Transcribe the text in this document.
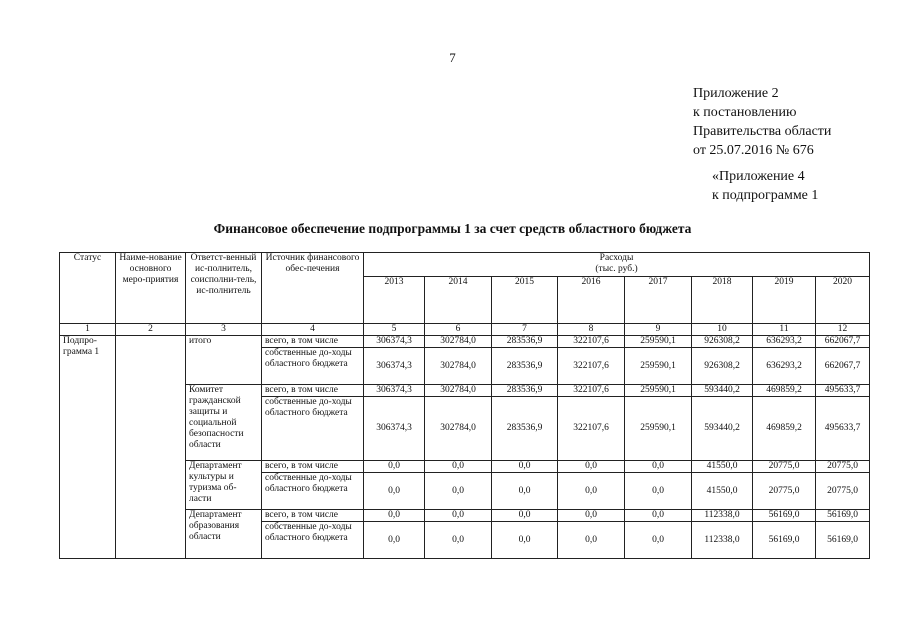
7
Приложение 2
к постановлению
Правительства области
от 25.07.2016 № 676
«Приложение 4
к подпрограмме 1
Финансовое обеспечение подпрограммы 1 за счет средств областного бюджета
Статус	Наиме-нование основного меро-приятия	Ответст-венный ис-полнитель, соисполни-тель, ис-полнитель	Источник финансового обес-печения	Расходы
(тыс. руб.)							

				2013	2014	2015	2016	2017	2018	2019	2020
1	2	3	4	5	6	7	8	9	10	11	12
Подпро-грамма 1		итого	всего, в том числе	306374,3	302784,0	283536,9	322107,6	259590,1	926308,2	636293,2	662067,7
			собственные до-ходы областного бюджета	306374,3	302784,0	283536,9	322107,6	259590,1	926308,2	636293,2	662067,7
		Комитет гражданской защиты и социальной безопасности области	всего, в том числе	306374,3	302784,0	283536,9	322107,6	259590,1	593440,2	469859,2	495633,7
			собственные до-ходы областного бюджета	306374,3	302784,0	283536,9	322107,6	259590,1	593440,2	469859,2	495633,7
		Департамент культуры и туризма об-ласти	всего, в том числе	0,0	0,0	0,0	0,0	0,0	41550,0	20775,0	20775,0
			собственные до-ходы областного бюджета	0,0	0,0	0,0	0,0	0,0	41550,0	20775,0	20775,0
		Департамент образования области	всего, в том числе	0,0	0,0	0,0	0,0	0,0	112338,0	56169,0	56169,0
			собственные до-ходы областного бюджета	0,0	0,0	0,0	0,0	0,0	112338,0	56169,0	56169,0
